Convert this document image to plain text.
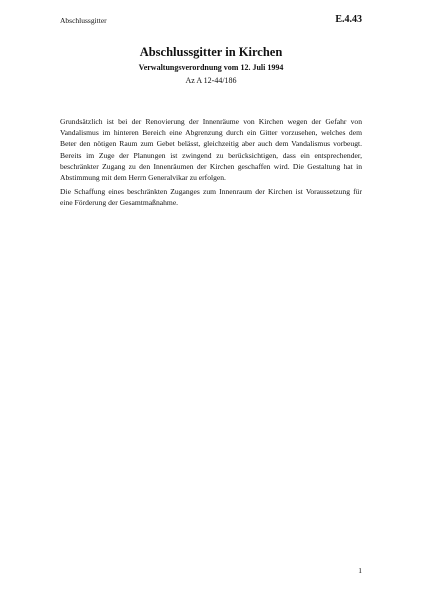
Abschlussgitter	E.4.43
Abschlussgitter in Kirchen
Verwaltungsverordnung vom 12. Juli 1994
Az A 12-44/186

Grundsätzlich ist bei der Renovierung der Innenräume von Kirchen wegen der Gefahr von Vandalismus im hinteren Bereich eine Abgrenzung durch ein Gitter vorzusehen, welches dem Beter den nötigen Raum zum Gebet belässt, gleichzeitig aber auch dem Vandalismus vorbeugt. Bereits im Zuge der Planungen ist zwingend zu berücksichtigen, dass ein entsprechender, beschränkter Zugang zu den Innenräumen der Kirchen geschaffen wird. Die Gestaltung hat in Abstimmung mit dem Herrn Generalvikar zu erfolgen.

Die Schaffung eines beschränkten Zuganges zum Innenraum der Kirchen ist Voraussetzung für eine Förderung der Gesamtmaßnahme.

1
